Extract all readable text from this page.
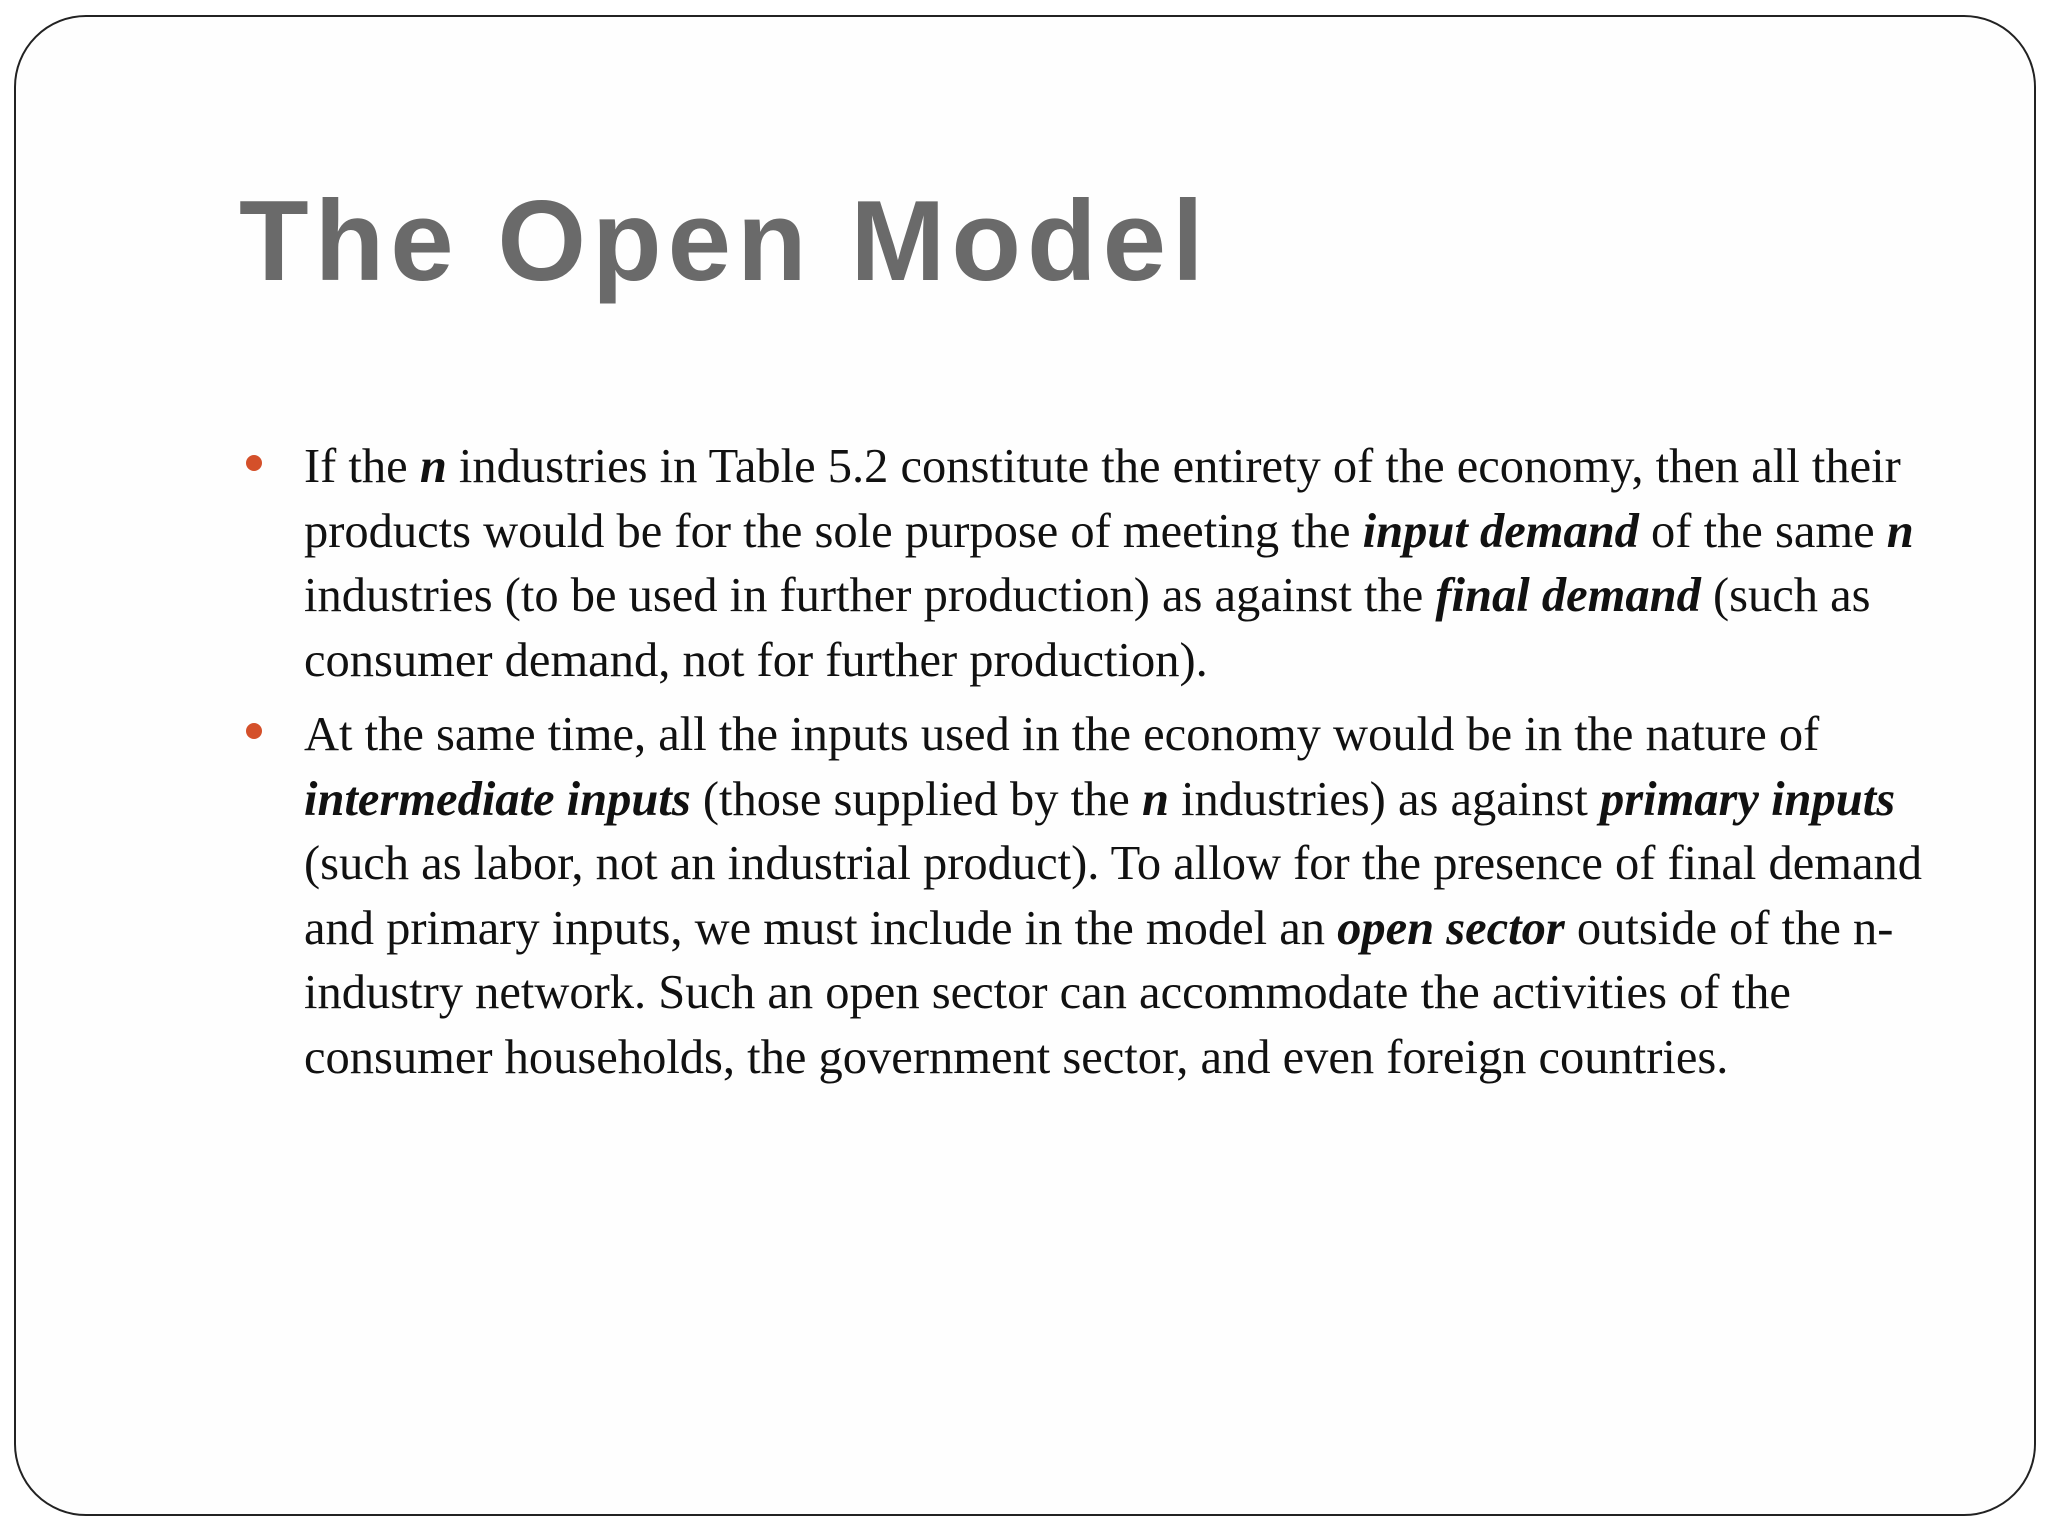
The Open Model
If the n industries in Table 5.2 constitute the entirety of the economy, then all their products would be for the sole purpose of meeting the input demand of the same n industries (to be used in further production) as against the final demand (such as consumer demand, not for further production).
At the same time, all the inputs used in the economy would be in the nature of intermediate inputs (those supplied by the n industries) as against primary inputs (such as labor, not an industrial product). To allow for the presence of final demand and primary inputs, we must include in the model an open sector outside of the n-industry network. Such an open sector can accommodate the activities of the consumer households, the government sector, and even foreign countries.
